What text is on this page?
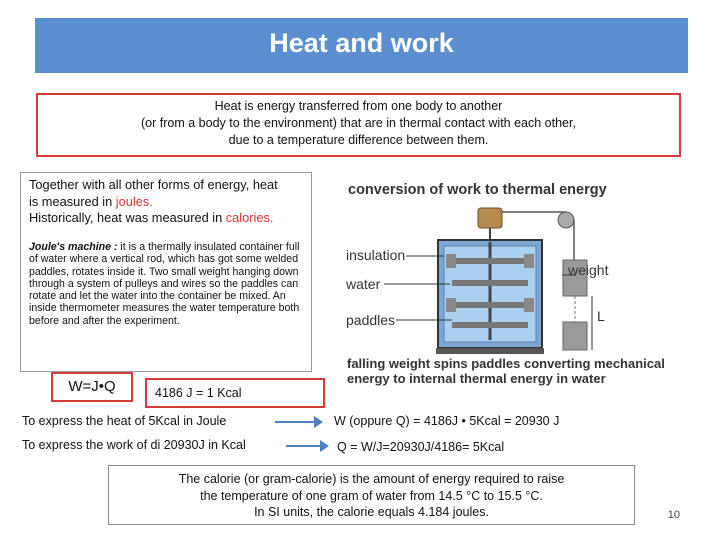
Heat and work
Heat is energy transferred from one body to another
(or from a body to the environment) that are in thermal contact with each other,
due to a temperature difference between them.
Together with all other forms of energy, heat
is measured in joules.
Historically, heat was measured in calories.
Joule's machine : it is a thermally insulated container full of water where a vertical rod, which has got some welded paddles, rotates inside it. Two small weight hanging down through a system of pulleys and wires so the paddles can rotate and let the water into the container be mixed. An inside thermometer measures the water temperature both before and after the experiment.
W=J•Q	4186 J = 1 Kcal
To express the heat of 5Kcal in Joule	W (oppure Q) = 4186J • 5Kcal = 20930 J
To express the work of di 20930J in Kcal	Q = W/J=20930J/4186= 5Kcal
The calorie (or gram-calorie) is the amount of energy required to raise
the temperature of one gram of water from 14.5 °C to 15.5 °C.
In SI units, the calorie equals 4.184 joules.	10
conversion of work to thermal energy
insulation
water
paddles
weight
L
falling weight spins paddles converting mechanical energy to internal thermal energy in water
